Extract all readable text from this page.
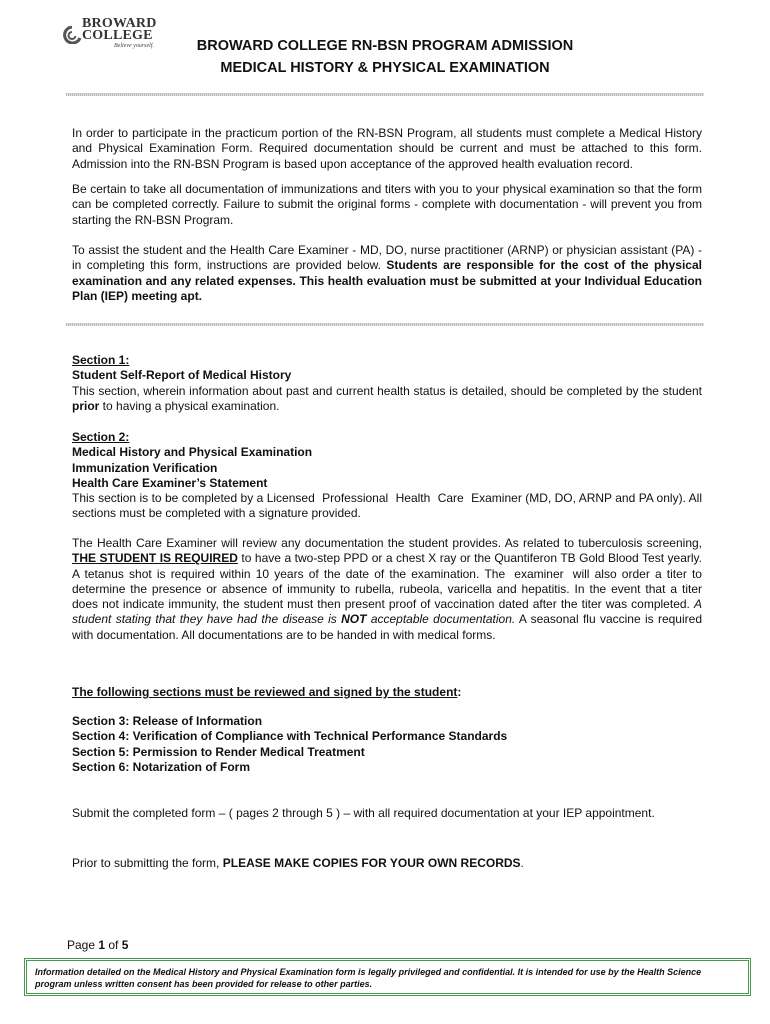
BROWARD
COLLEGE
Believe yourself.	BROWARD COLLEGE RN-BSN PROGRAM ADMISSION
MEDICAL HISTORY & PHYSICAL EXAMINATION

In order to participate in the practicum portion of the RN-BSN Program, all students must complete a Medical History and Physical Examination Form. Required documentation should be current and must be attached to this form. Admission into the RN-BSN Program is based upon acceptance of the approved health evaluation record.

Be certain to take all documentation of immunizations and titers with you to your physical examination so that the form can be completed correctly. Failure to submit the original forms - complete with documentation - will prevent you from starting the RN-BSN Program.

To assist the student and the Health Care Examiner - MD, DO, nurse practitioner (ARNP) or physician assistant (PA) - in completing this form, instructions are provided below. Students are responsible for the cost of the physical examination and any related expenses. This health evaluation must be submitted at your Individual Education Plan (IEP) meeting apt.

Section 1:
Student Self-Report of Medical History
This section, wherein information about past and current health status is detailed, should be completed by the student prior to having a physical examination.
Section 2:
Medical History and Physical Examination
Immunization Verification
Health Care Examiner’s Statement
This section is to be completed by a Licensed Professional Health Care Examiner (MD, DO, ARNP and PA only). All sections must be completed with a signature provided.

The Health Care Examiner will review any documentation the student provides. As related to tuberculosis screening, THE STUDENT IS REQUIRED to have a two-step PPD or a chest X ray or the Quantiferon TB Gold Blood Test yearly. A tetanus shot is required within 10 years of the date of the examination. The examiner will also order a titer to determine the presence or absence of immunity to rubella, rubeola, varicella and hepatitis. In the event that a titer does not indicate immunity, the student must then present proof of vaccination dated after the titer was completed. A student stating that they have had the disease is NOT acceptable documentation. A seasonal flu vaccine is required with documentation. All documentations are to be handed in with medical forms.

The following sections must be reviewed and signed by the student:
Section 3: Release of Information
Section 4: Verification of Compliance with Technical Performance Standards
Section 5: Permission to Render Medical Treatment
Section 6: Notarization of Form

Submit the completed form – ( pages 2 through 5 ) – with all required documentation at your IEP appointment.

Prior to submitting the form, PLEASE MAKE COPIES FOR YOUR OWN RECORDS.

Page 1 of 5
Information detailed on the Medical History and Physical Examination form is legally privileged and confidential. It is intended for use by the Health Science program unless written consent has been provided for release to other parties.
